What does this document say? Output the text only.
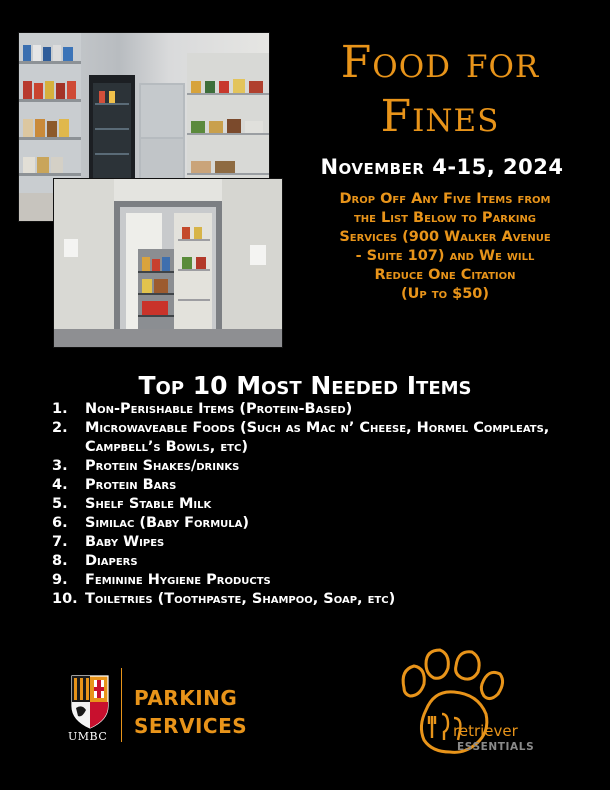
Food for
Fines
November 4-15, 2024
Drop Off Any Five Items from
the List Below to Parking
Services (900 Walker Avenue
- Suite 107) and We will
Reduce One Citation
(Up to $50)
Top 10 Most Needed Items
1. Non-Perishable Items (Protein-Based)
2. Microwaveable Foods (Such as Mac n’ Cheese, Hormel Compleats, Campbell’s Bowls, etc)
3. Protein Shakes/drinks
4. Protein Bars
5. Shelf Stable Milk
6. Similac (Baby Formula)
7. Baby Wipes
8. Diapers
9. Feminine Hygiene Products
10. Toiletries (Toothpaste, Shampoo, Soap, etc)
UMBC
PARKING
SERVICES	retriever
ESSENTIALS
